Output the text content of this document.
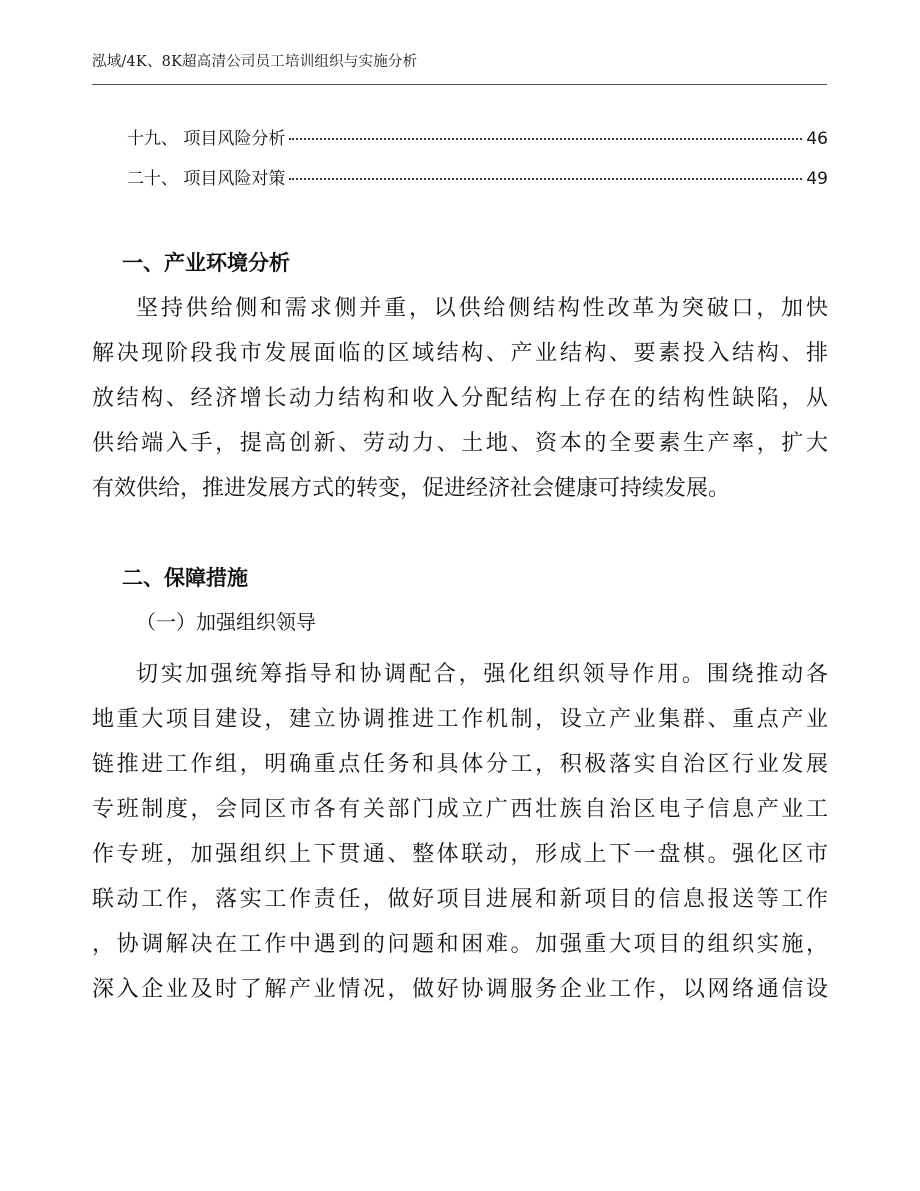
泓域/4K、8K超高清公司员工培训组织与实施分析
十九、 项目风险分析	46
二十、 项目风险对策	49
一、产业环境分析
坚持供给侧和需求侧并重，以供给侧结构性改革为突破口，加快
解决现阶段我市发展面临的区域结构、产业结构、要素投入结构、排
放结构、经济增长动力结构和收入分配结构上存在的结构性缺陷，从
供给端入手，提高创新、劳动力、土地、资本的全要素生产率，扩大
有效供给，推进发展方式的转变，促进经济社会健康可持续发展。
二、保障措施
（一）加强组织领导
切实加强统筹指导和协调配合，强化组织领导作用。围绕推动各
地重大项目建设，建立协调推进工作机制，设立产业集群、重点产业
链推进工作组，明确重点任务和具体分工，积极落实自治区行业发展
专班制度，会同区市各有关部门成立广西壮族自治区电子信息产业工
作专班，加强组织上下贯通、整体联动，形成上下一盘棋。强化区市
联动工作，落实工作责任，做好项目进展和新项目的信息报送等工作
，协调解决在工作中遇到的问题和困难。加强重大项目的组织实施，
深入企业及时了解产业情况，做好协调服务企业工作，以网络通信设
